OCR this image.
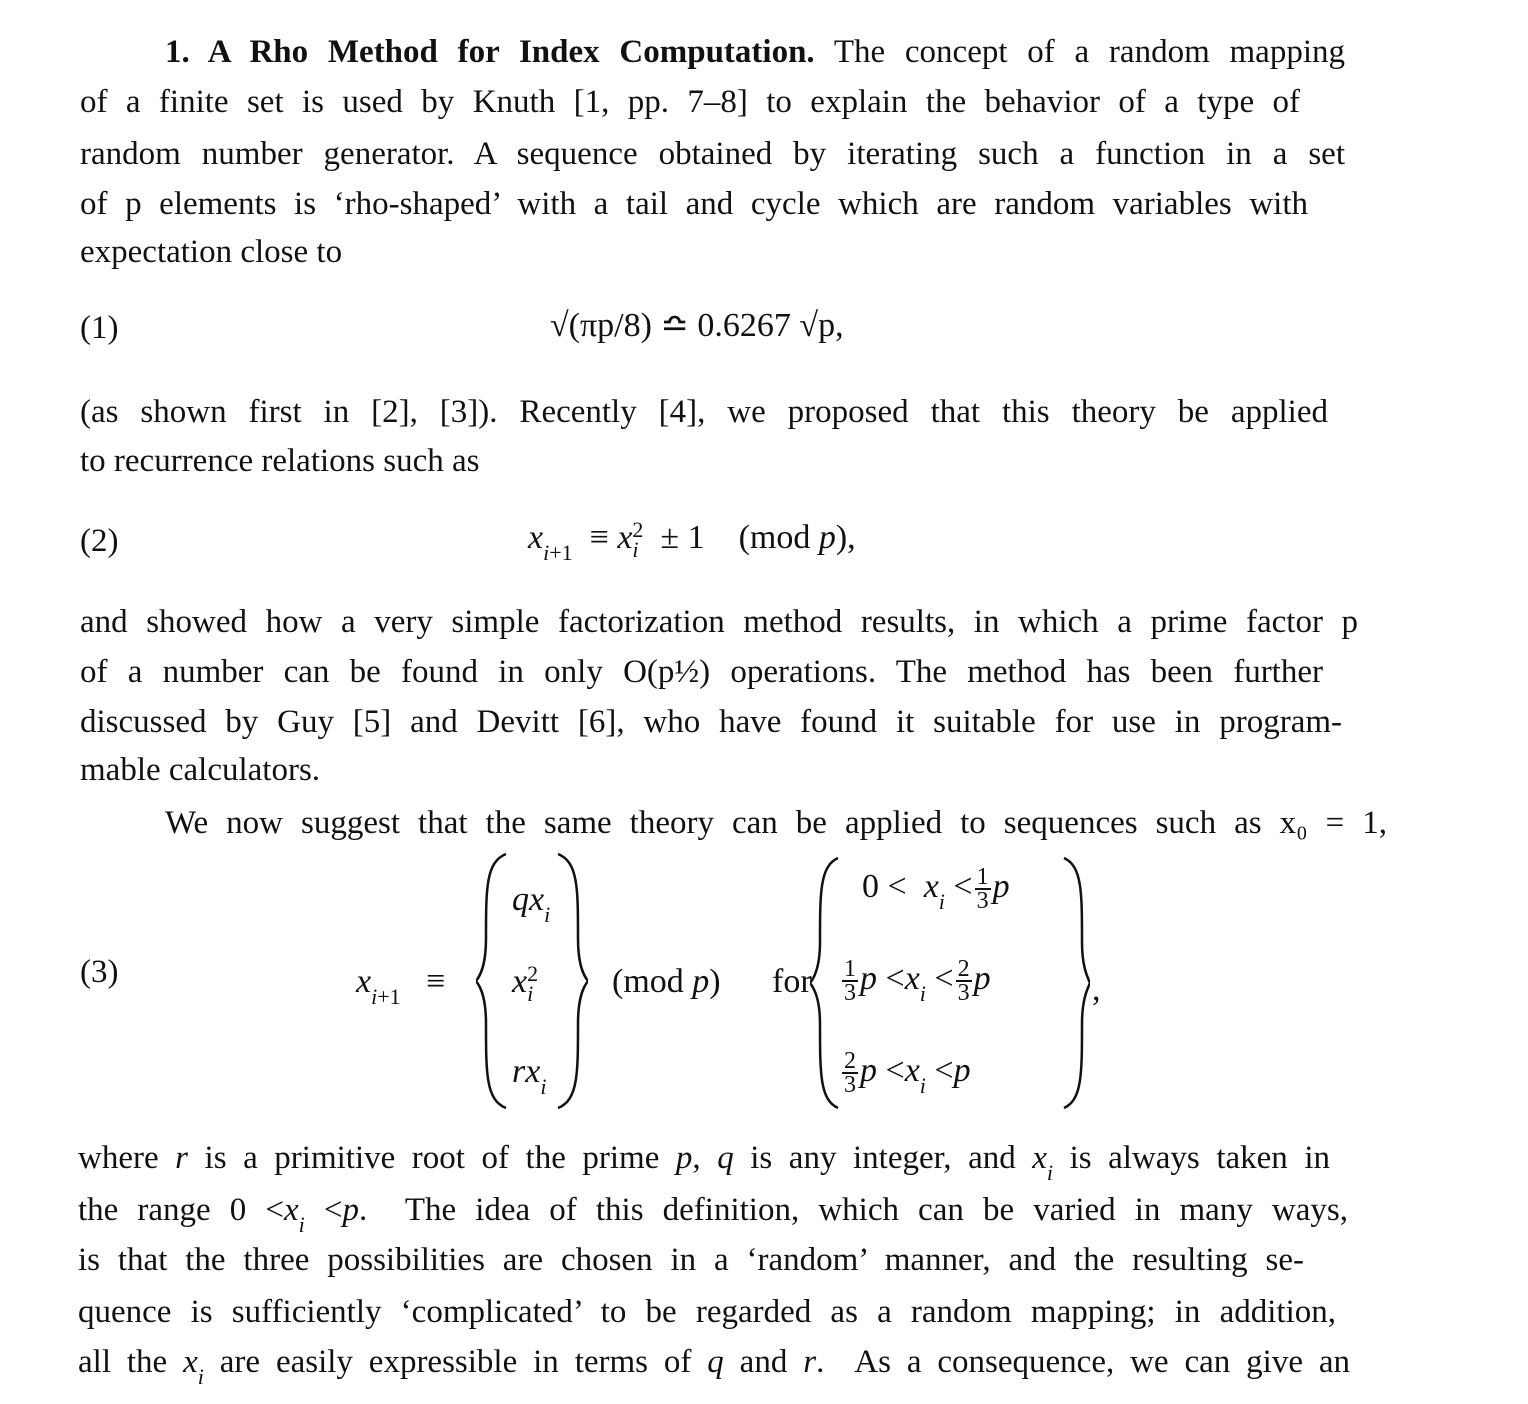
1. A Rho Method for Index Computation. The concept of a random mapping
of a finite set is used by Knuth [1, pp. 7–8] to explain the behavior of a type of
random number generator. A sequence obtained by iterating such a function in a set
of p elements is ‘rho-shaped’ with a tail and cycle which are random variables with
expectation close to
(1)	√(πp/8) ≏ 0.6267 √p,
(as shown first in [2], [3]). Recently [4], we proposed that this theory be applied
to recurrence relations such as
(2)	$x_{i+1} \equiv x$ 2
i ± 1    (mod p),
and showed how a very simple factorization method results, in which a prime factor p
of a number can be found in only O(p½) operations. The method has been further
discussed by Guy [5] and Devitt [6], who have found it suitable for use in program-
mable calculators.
We now suggest that the same theory can be applied to sequences such as x₀ = 1,
(3)	$x_{i+1}$   ≡
$qx_i$
x 2
i
$rx_i$
(mod p) for
$0 < x_i < \frac{1}{3}$ p
$\frac{1}{3}$ $p <x_i < \frac{2}{3}$ p
$\frac{2}{3}$ $p <x_i <p$
,
where r is a primitive root of the prime p, q is any integer, and $x_i$ is always taken in
the range $0 <x_i <p$.  The idea of this definition, which can be varied in many ways,
is that the three possibilities are chosen in a ‘random’ manner, and the resulting se-
quence is sufficiently ‘complicated’ to be regarded as a random mapping; in addition,
all the $x_i$ are easily expressible in terms of q and r.  As a consequence, we can give an
